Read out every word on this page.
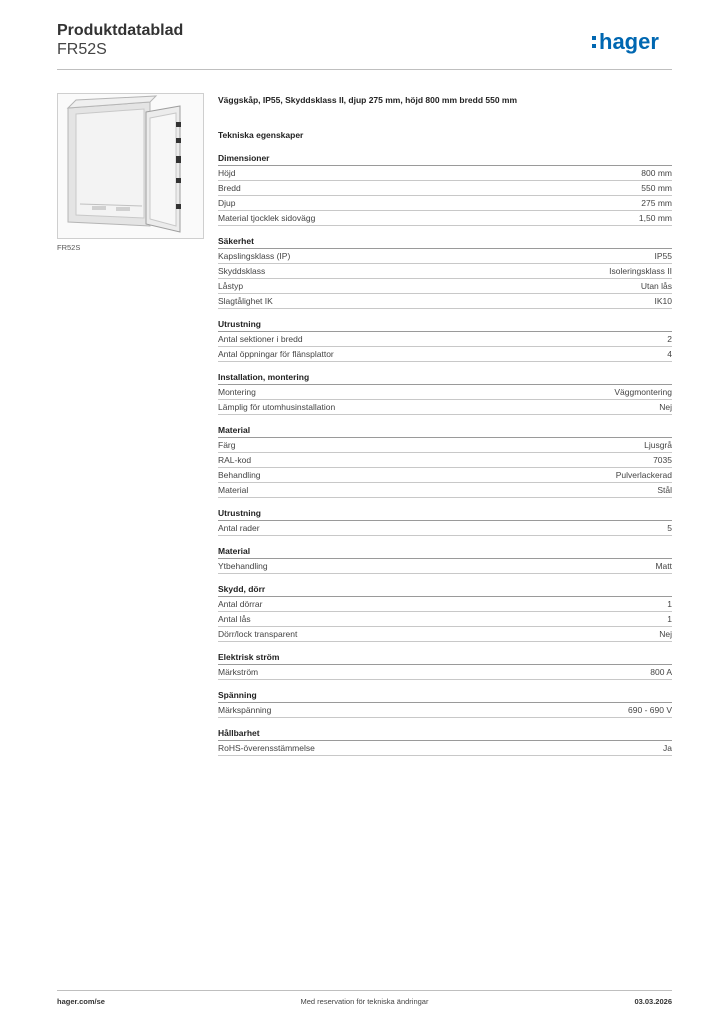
Produktdatablad
FR52S	hager
FR52S
Väggskåp, IP55, Skyddsklass II, djup 275 mm, höjd 800 mm bredd 550 mm
Tekniska egenskaper
Dimensioner
Höjd	800 mm
Bredd	550 mm
Djup	275 mm
Material tjocklek sidovägg	1,50 mm
Säkerhet
Kapslingsklass (IP)	IP55
Skyddsklass	Isoleringsklass II
Låstyp	Utan lås
Slagtålighet IK	IK10
Utrustning
Antal sektioner i bredd	2
Antal öppningar för flänsplattor	4
Installation, montering
Montering	Väggmontering
Lämplig för utomhusinstallation	Nej
Material
Färg	Ljusgrå
RAL-kod	7035
Behandling	Pulverlackerad
Material	Stål
Utrustning
Antal rader	5
Material
Ytbehandling	Matt
Skydd, dörr
Antal dörrar	1
Antal lås	1
Dörr/lock transparent	Nej
Elektrisk ström
Märkström	800 A
Spänning
Märkspänning	690 - 690 V
Hållbarhet
RoHS-överensstämmelse	Ja
hager.com/se	Med reservation för tekniska ändringar	03.03.2026
